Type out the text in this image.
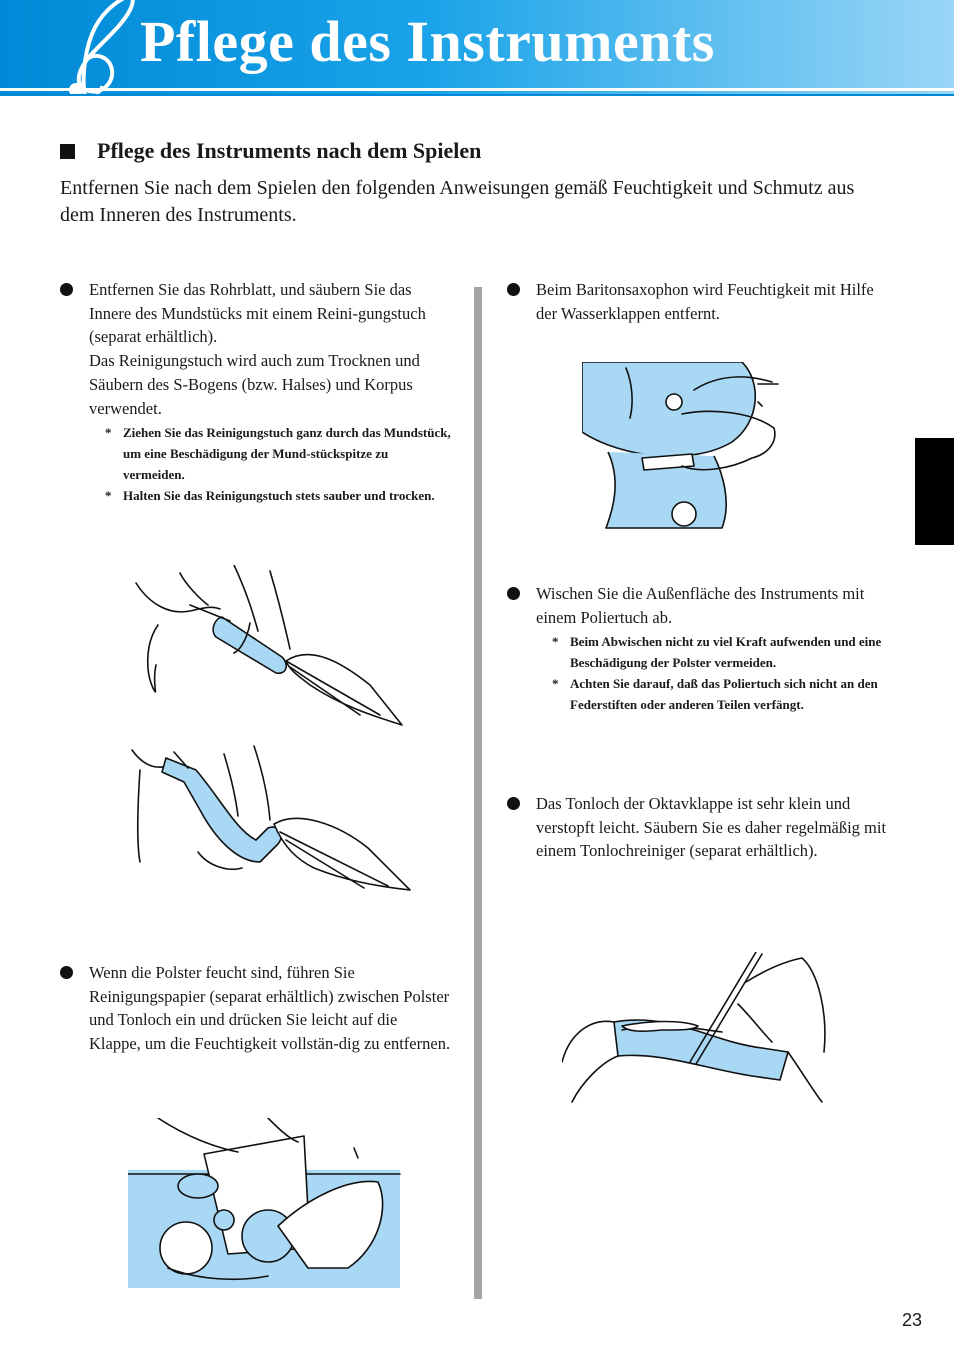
Pflege des Instruments
Pflege des Instruments nach dem Spielen

Entfernen Sie nach dem Spielen den folgenden Anweisungen gemäß Feuchtigkeit und Schmutz aus dem Inneren des Instruments.

Entfernen Sie das Rohrblatt, und säubern Sie das Innere des Mundstücks mit einem Reini-gungstuch (separat erhältlich).

Das Reinigungstuch wird auch zum Trocknen und Säubern des S-Bogens (bzw. Halses) und Korpus verwendet.

* Ziehen Sie das Reinigungstuch ganz durch das Mundstück, um eine Beschädigung der Mund-stückspitze zu vermeiden.
* Halten Sie das Reinigungstuch stets sauber und trocken.

Wenn die Polster feucht sind, führen Sie Reinigungspapier (separat erhältlich) zwischen Polster und Tonloch ein und drücken Sie leicht auf die Klappe, um die Feuchtigkeit vollstän-dig zu entfernen.

Beim Baritonsaxophon wird Feuchtigkeit mit Hilfe der Wasserklappen entfernt.

Wischen Sie die Außenfläche des Instruments mit einem Poliertuch ab.

* Beim Abwischen nicht zu viel Kraft aufwenden und eine Beschädigung der Polster vermeiden.
* Achten Sie darauf, daß das Poliertuch sich nicht an den Federstiften oder anderen Teilen verfängt.

Das Tonloch der Oktavklappe ist sehr klein und verstopft leicht. Säubern Sie es daher regelmäßig mit einem Tonlochreiniger (separat erhältlich).

23
